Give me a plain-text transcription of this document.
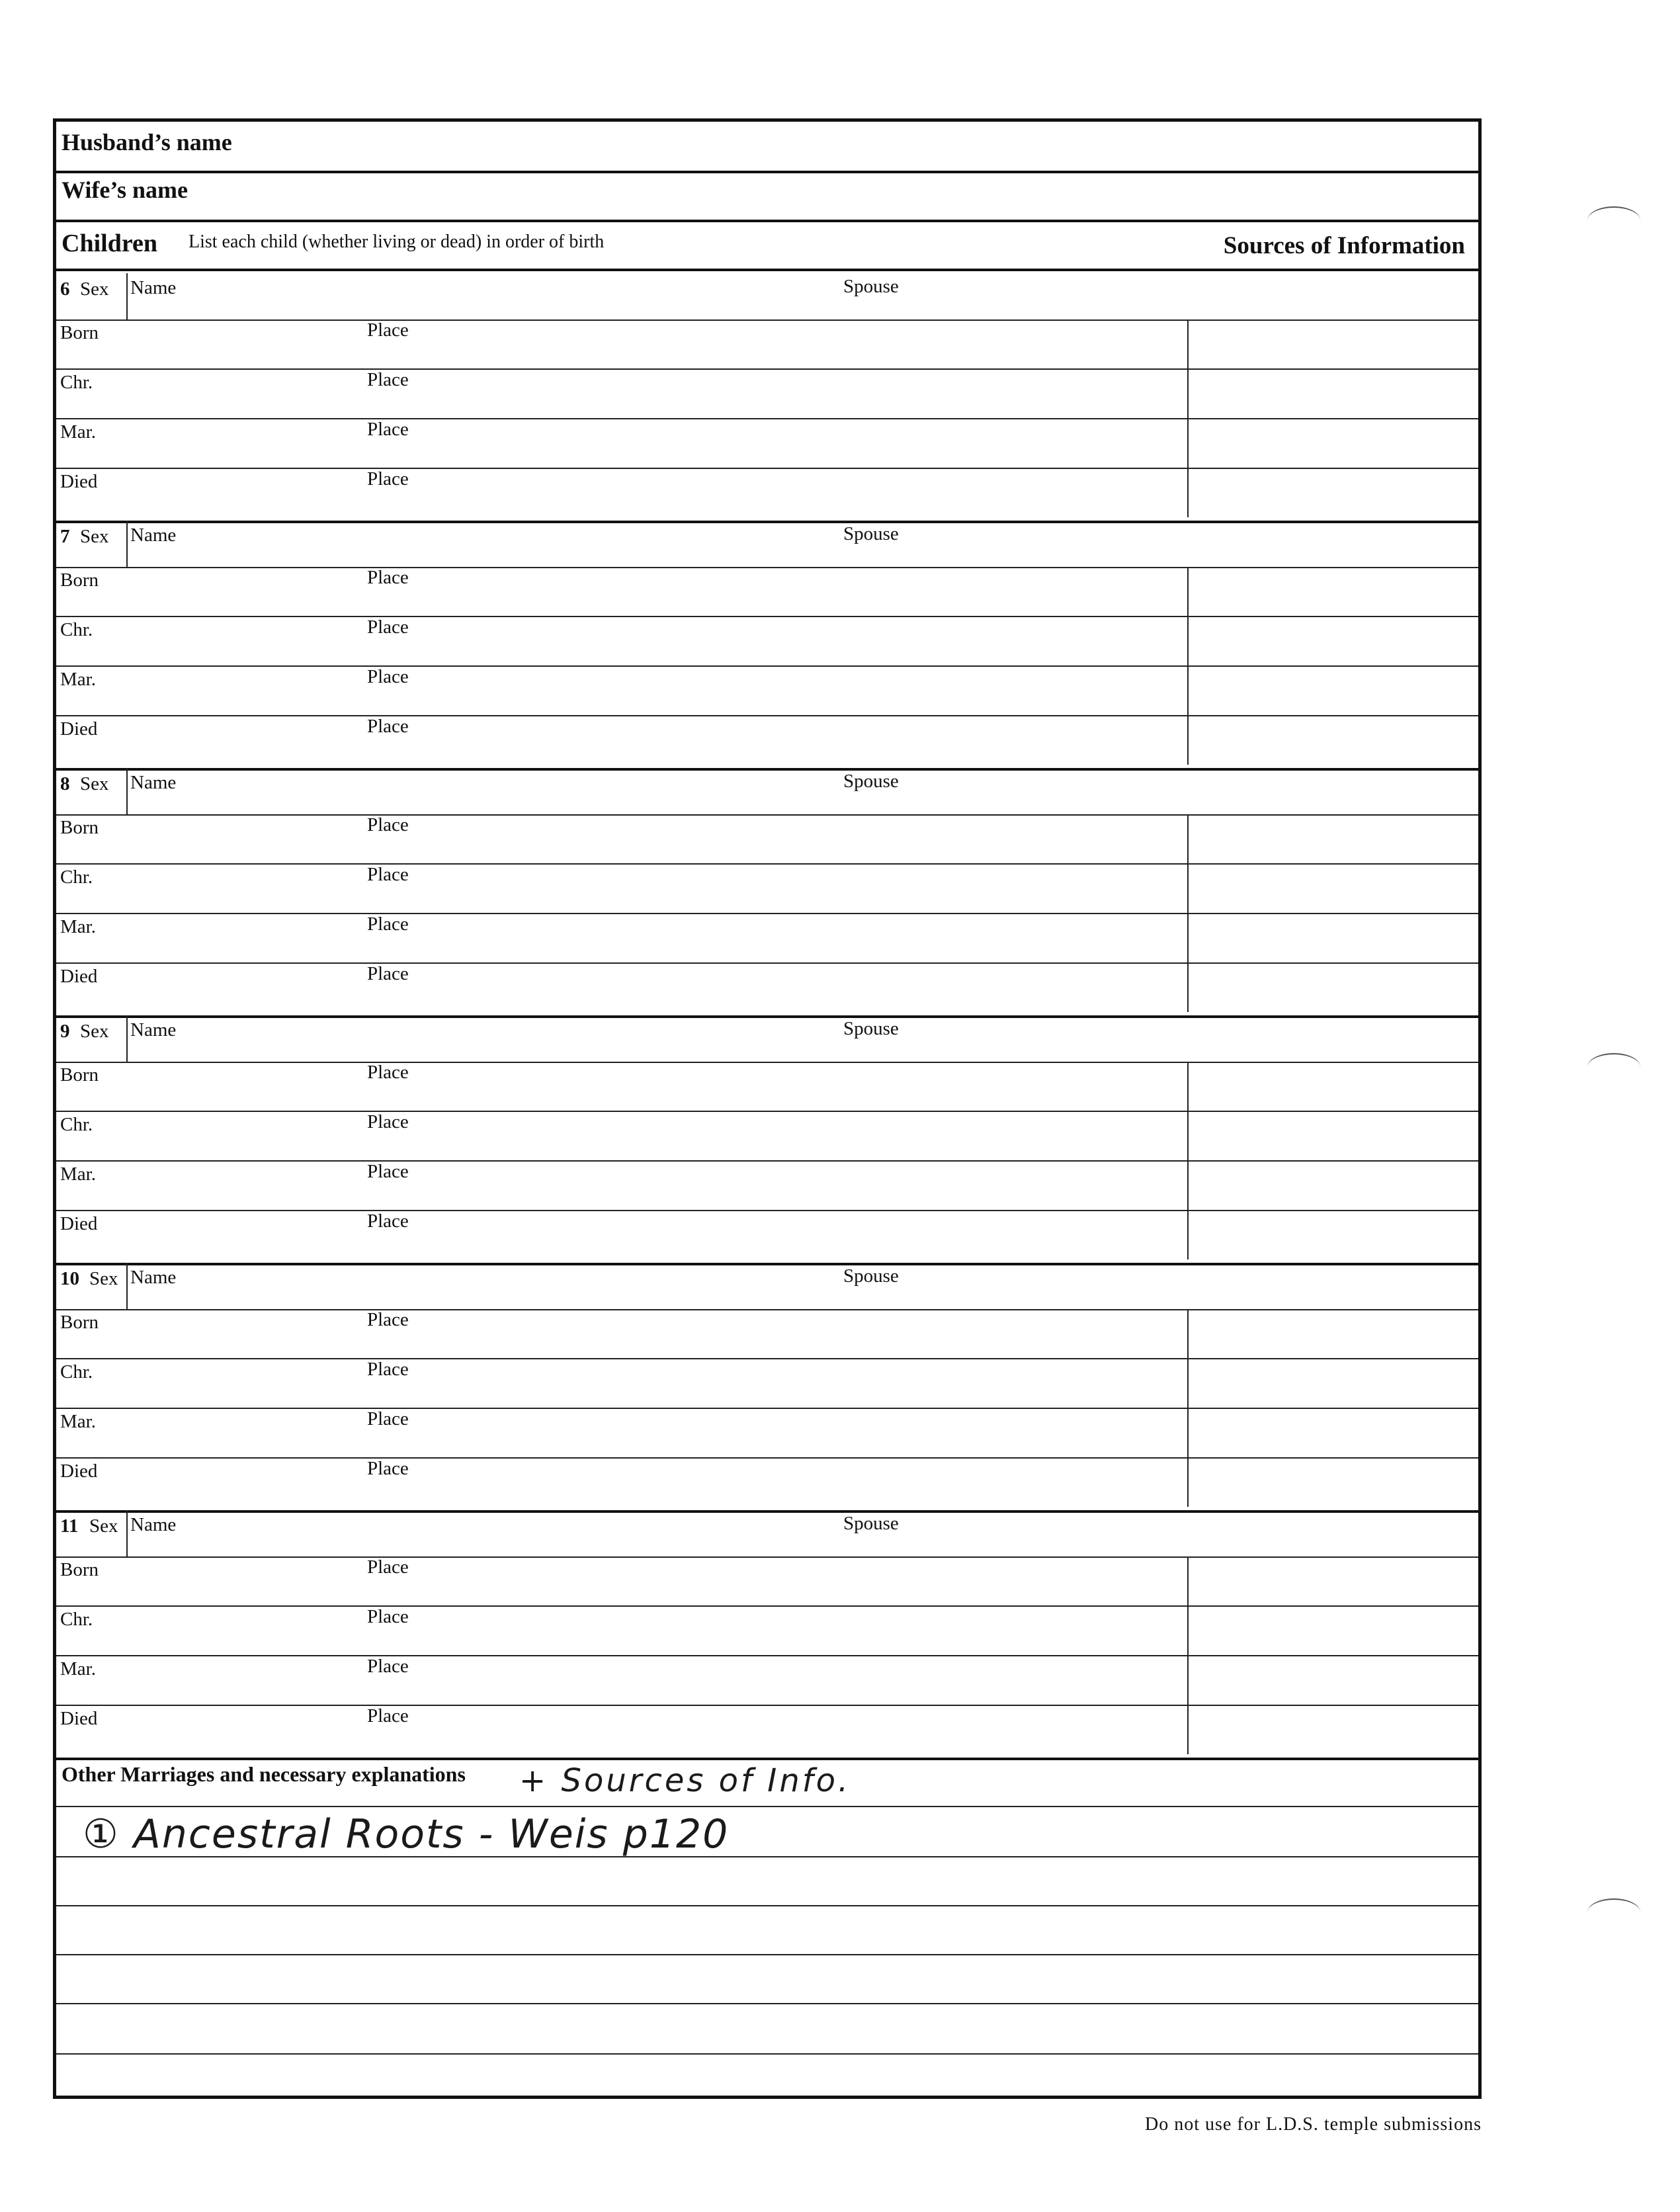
Husband’s name
Wife’s name
Children List each child (whether living or dead) in order of birth	Sources of Information
6 Sex Name	Spouse
Born	Place
Chr.	Place
Mar.	Place
Died	Place
7 Sex Name	Spouse
Born	Place
Chr.	Place
Mar.	Place
Died	Place
8 Sex Name	Spouse
Born	Place
Chr.	Place
Mar.	Place
Died	Place
9 Sex Name	Spouse
Born	Place
Chr.	Place
Mar.	Place
Died	Place
10 Sex Name	Spouse
Born	Place
Chr.	Place
Mar.	Place
Died	Place
11 Sex Name	Spouse
Born	Place
Chr.	Place
Mar.	Place
Died	Place
Other Marriages and necessary explanations + Sources of Info.
① Ancestral Roots - Weis p120
Do not use for L.D.S. temple submissions
